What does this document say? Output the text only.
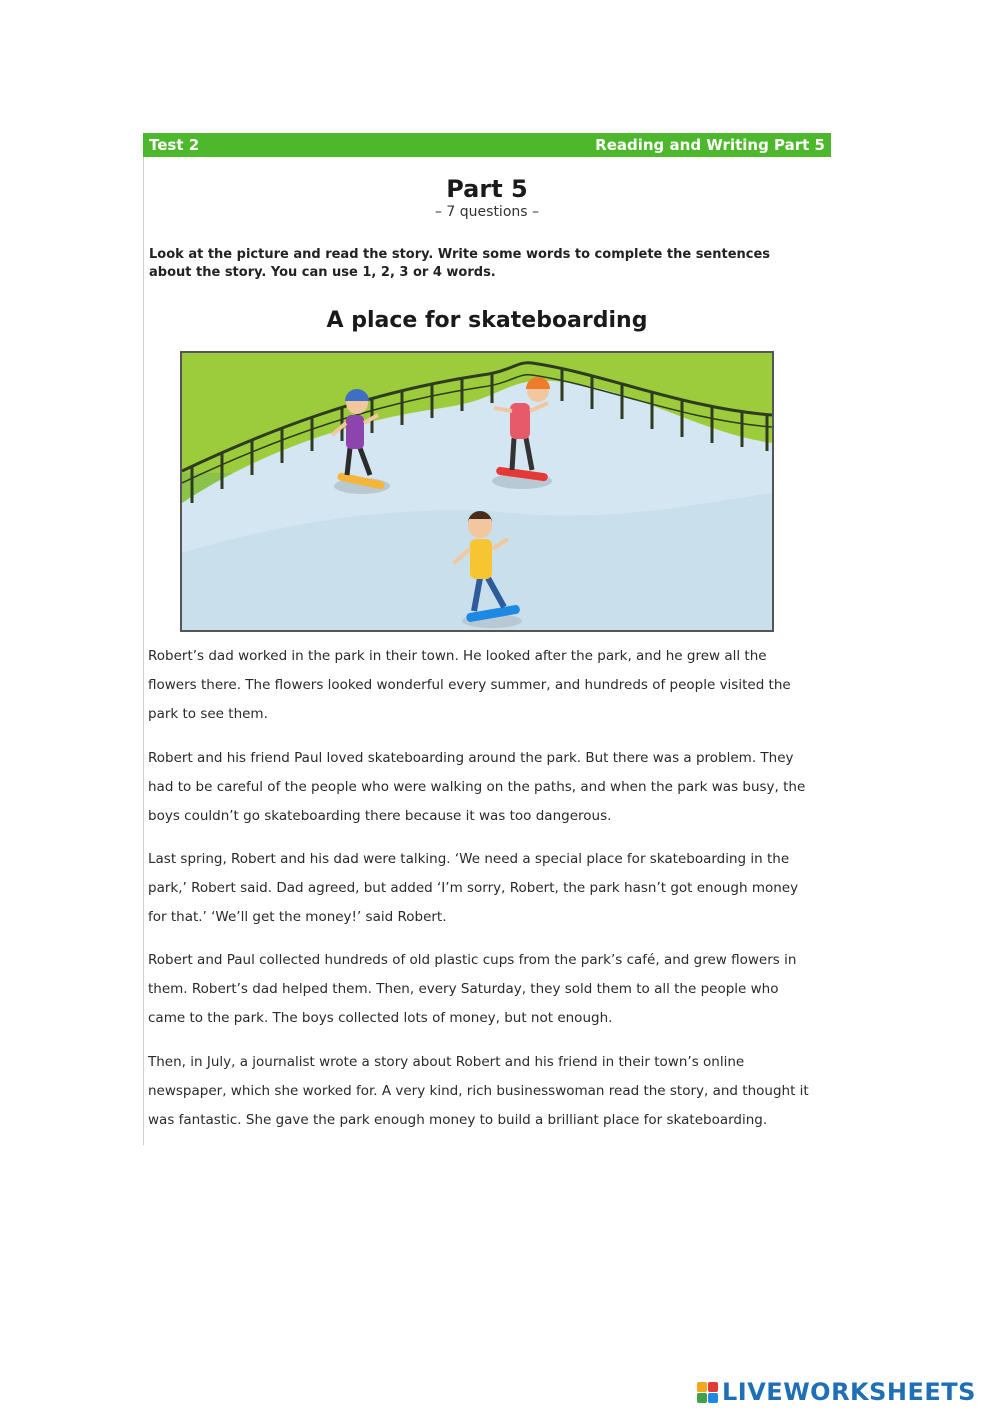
Test 2	Reading and Writing Part 5
Part 5
– 7 questions –
Look at the picture and read the story. Write some words to complete the sentences about the story. You can use 1, 2, 3 or 4 words.
A place for skateboarding
Robert’s dad worked in the park in their town. He looked after the park, and he grew all the flowers there. The flowers looked wonderful every summer, and hundreds of people visited the park to see them.
Robert and his friend Paul loved skateboarding around the park. But there was a problem. They had to be careful of the people who were walking on the paths, and when the park was busy, the boys couldn’t go skateboarding there because it was too dangerous.
Last spring, Robert and his dad were talking. ‘We need a special place for skateboarding in the park,’ Robert said. Dad agreed, but added ‘I’m sorry, Robert, the park hasn’t got enough money for that.’ ‘We’ll get the money!’ said Robert.
Robert and Paul collected hundreds of old plastic cups from the park’s café, and grew flowers in them. Robert’s dad helped them. Then, every Saturday, they sold them to all the people who came to the park. The boys collected lots of money, but not enough.
Then, in July, a journalist wrote a story about Robert and his friend in their town’s online newspaper, which she worked for. A very kind, rich businesswoman read the story, and thought it was fantastic. She gave the park enough money to build a brilliant place for skateboarding.
LIVEWORKSHEETS
